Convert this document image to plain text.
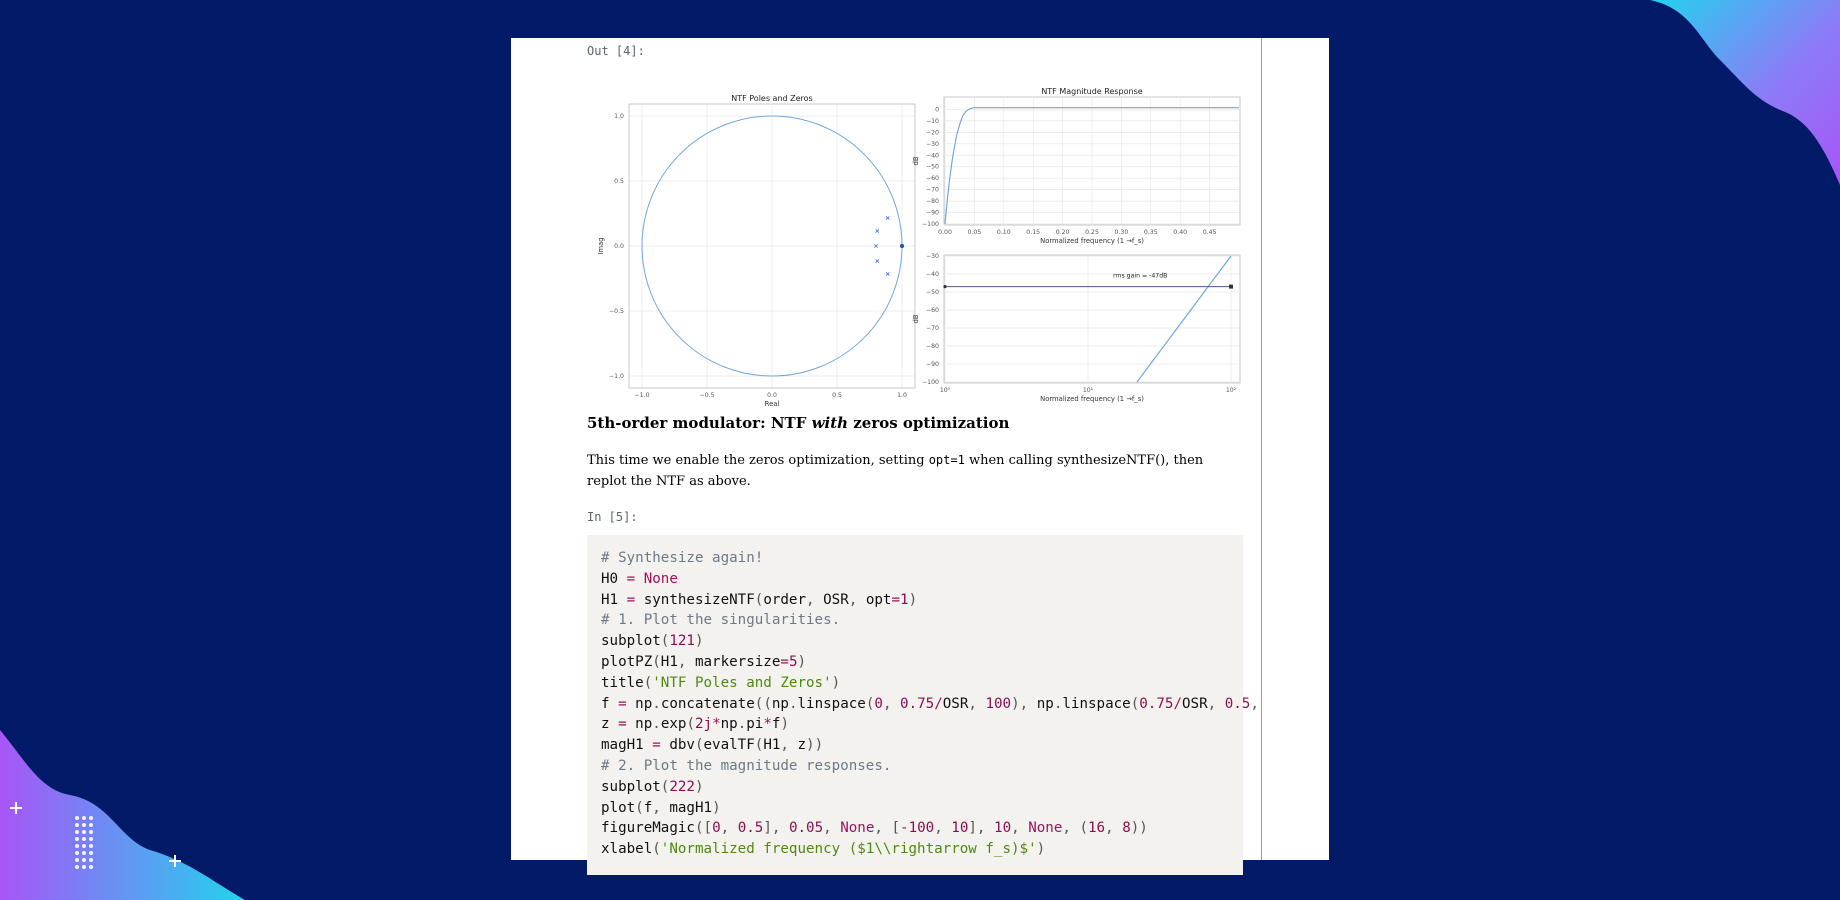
Out [4]:
−1.0	−0.5	0.0	0.5	1.0
1.0
0.5
0.0
−0.5
−1.0
NTF Poles and Zeros
Real
Imag
0.00	0.05	0.10	0.15	0.20	0.25	0.30	0.35	0.40	0.45
0
−10
−20
−30
−40
−50
−60
−70
−80
−90
−100
NTF Magnitude Response
Normalized frequency (1 →f_s)
dB
10⁰	10¹	10²
−30
−40
−50
−60
−70
−80
−90
−100
Normalized frequency (1 →f_s)
dB
rms gain = -47dB
5th-order modulator: NTF with zeros optimization

This time we enable the zeros optimization, setting opt=1 when calling synthesizeNTF(), then replot the NTF as above.

In [5]:
# Synthesize again!
H0 = None
H1 = synthesizeNTF(order, OSR, opt=1)
# 1. Plot the singularities.
subplot(121)
plotPZ(H1, markersize=5)
title('NTF Poles and Zeros')
f = np.concatenate((np.linspace(0, 0.75/OSR, 100), np.linspace(0.75/OSR, 0.5,
z = np.exp(2j*np.pi*f)
magH1 = dbv(evalTF(H1, z))
# 2. Plot the magnitude responses.
subplot(222)
plot(f, magH1)
figureMagic([0, 0.5], 0.05, None, [-100, 10], 10, None, (16, 8))
xlabel('Normalized frequency ($1\\rightarrow f_s)$')
